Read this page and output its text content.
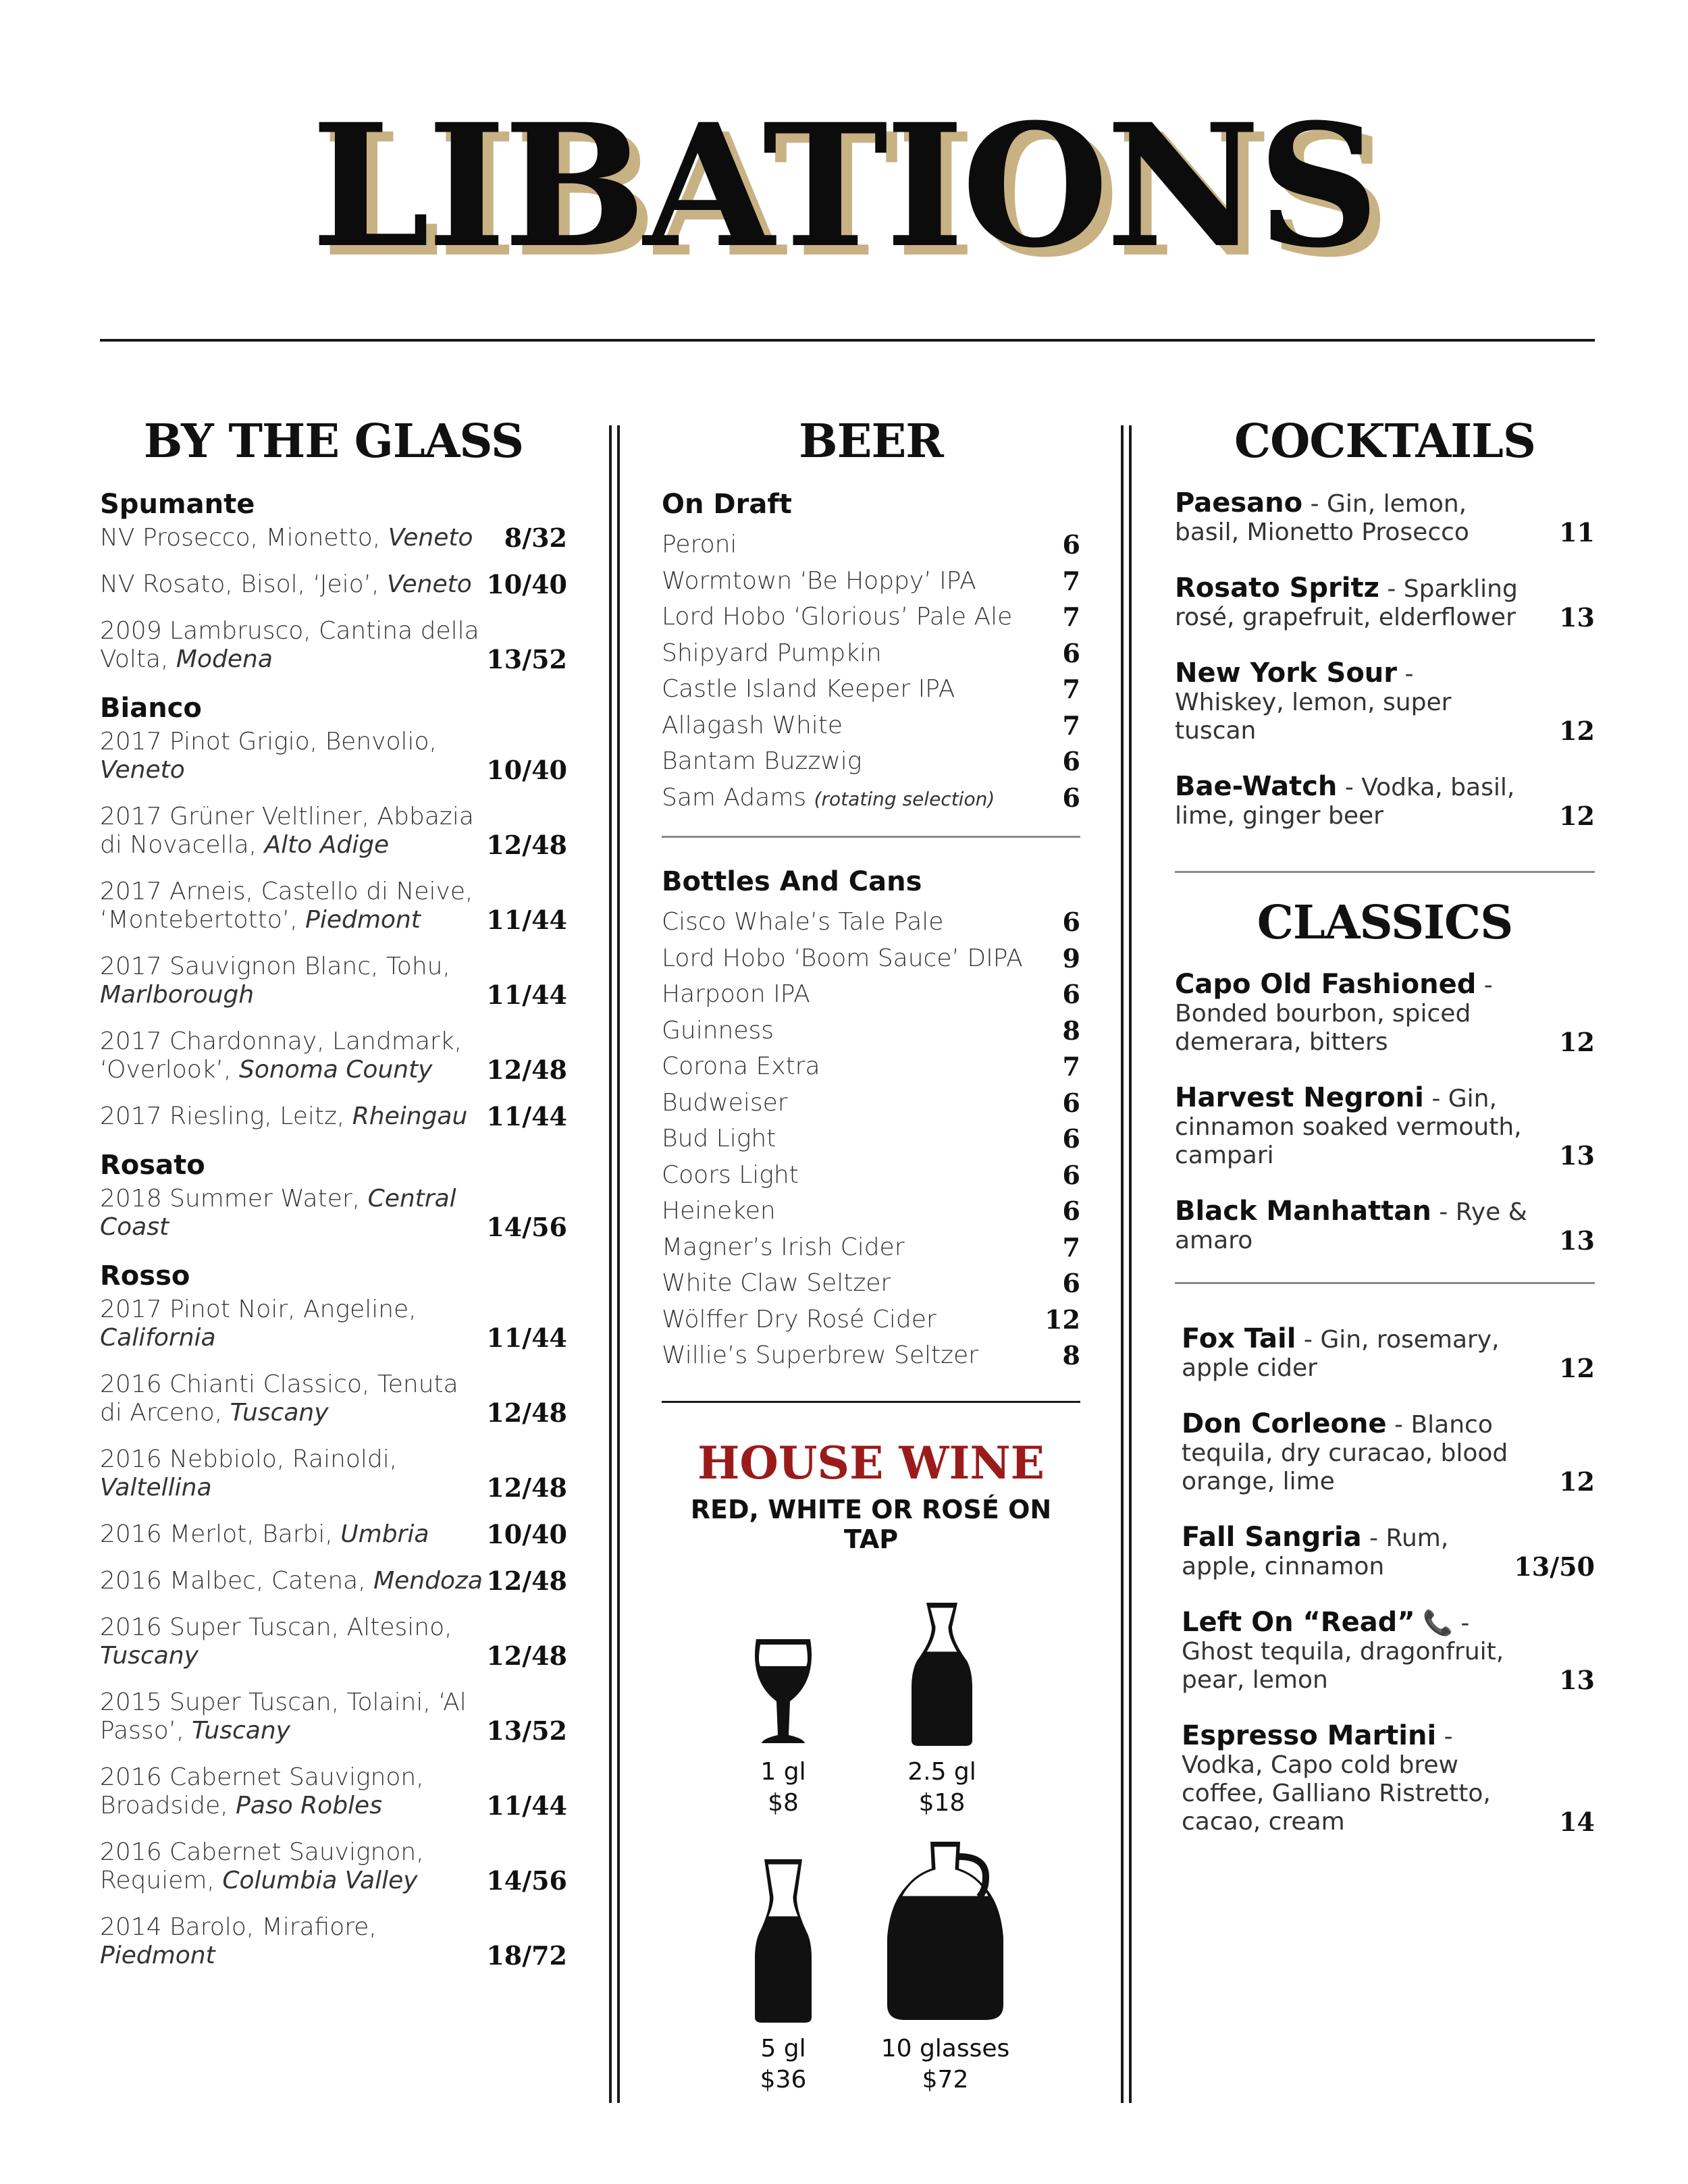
LIBATIONS
BY THE GLASS
Spumante
NV Prosecco, Mionetto, Veneto 8/32
NV Rosato, Bisol, ‘Jeio’, Veneto 10/40
2009 Lambrusco, Cantina della Volta, Modena	13/52
Bianco
2017 Pinot Grigio, Benvolio, Veneto	10/40
2017 Grüner Veltliner, Abbazia di Novacella, Alto Adige	12/48
2017 Arneis, Castello di Neive, ‘Montebertotto’, Piedmont	11/44
2017 Sauvignon Blanc, Tohu, Marlborough	11/44
2017 Chardonnay, Landmark, ‘Overlook’, Sonoma County 12/48
2017 Riesling, Leitz, Rheingau 11/44
Rosato
2018 Summer Water, Central Coast	14/56
Rosso
2017 Pinot Noir, Angeline, California	11/44
2016 Chianti Classico, Tenuta di Arceno, Tuscany	12/48
2016 Nebbiolo, Rainoldi, Valtellina	12/48
2016 Merlot, Barbi, Umbria 10/40
2016 Malbec, Catena, Mendoza 12/48
2016 Super Tuscan, Altesino, Tuscany	12/48
2015 Super Tuscan, Tolaini, ‘Al Passo’, Tuscany	13/52
2016 Cabernet Sauvignon, Broadside, Paso Robles	11/44
2016 Cabernet Sauvignon, Requiem, Columbia Valley	14/56
2014 Barolo, Mirafiore, Piedmont	18/72
BEER
On Draft
Peroni	6
Wormtown ‘Be Hoppy’ IPA	7
Lord Hobo ‘Glorious’ Pale Ale 7
Shipyard Pumpkin	6
Castle Island Keeper IPA	7
Allagash White	7
Bantam Buzzwig	6
Sam Adams (rotating selection)	6
Bottles And Cans
Cisco Whale’s Tale Pale	6
Lord Hobo ‘Boom Sauce’ DIPA 9
Harpoon IPA	6
Guinness	8
Corona Extra	7
Budweiser	6
Bud Light	6
Coors Light	6
Heineken	6
Magner’s Irish Cider	7
White Claw Seltzer	6
Wölffer Dry Rosé Cider	12
Willie’s Superbrew Seltzer	8
HOUSE WINE
RED, WHITE OR ROSÉ ON TAP
1 gl
$8
2.5 gl
$18
5 gl
$36
10 glasses
$72
COCKTAILS
Paesano - Gin, lemon, basil, Mionetto Prosecco	11
Rosato Spritz - Sparkling rosé, grapefruit, elderflower 13
New York Sour - Whiskey, lemon, super tuscan	12
Bae-Watch - Vodka, basil, lime, ginger beer	12
CLASSICS
Capo Old Fashioned - Bonded bourbon, spiced demerara, bitters	12
Harvest Negroni - Gin, cinnamon soaked vermouth, campari	13
Black Manhattan - Rye & amaro	13
Fox Tail - Gin, rosemary, apple cider	12
Don Corleone - Blanco tequila, dry curacao, blood orange, lime	12
Fall Sangria - Rum, apple, cinnamon	13/50
Left On “Read” 📞 - Ghost tequila, dragonfruit, pear, lemon	13
Espresso Martini - Vodka, Capo cold brew coffee, Galliano Ristretto, cacao, cream	14
